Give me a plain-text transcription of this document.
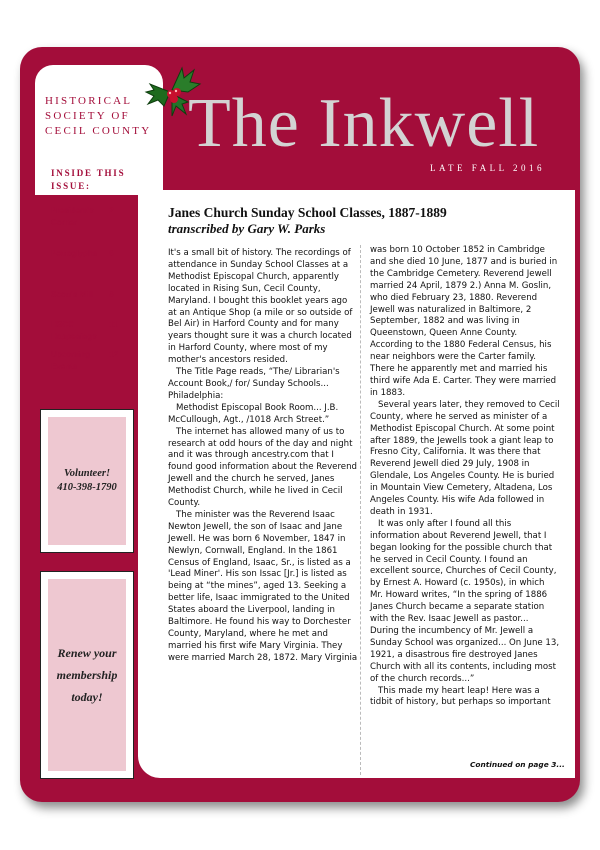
HISTORICAL SOCIETY OF CECIL COUNTY The Inkwell
LATE FALL 2016
INSIDE THIS ISSUE:
President's Corner 2
Petroglyphs 6
Scott's Mill 8
HSCC Happenings 11
Upcoming Events 12
Volunteer! 410-398-1790
Renew your membership today!
Janes Church Sunday School Classes, 1887-1889
transcribed by Gary W. Parks

It's a small bit of history. The recordings of attendance in Sunday School Classes at a Methodist Episcopal Church, apparently located in Rising Sun, Cecil County, Maryland. I bought this booklet years ago at an Antique Shop (a mile or so outside of Bel Air) in Harford County and for many years thought sure it was a church located in Harford County, where most of my mother's ancestors resided.

The Title Page reads, “The/ Librarian's Account Book,/ for/ Sunday Schools... Philadelphia:

Methodist Episcopal Book Room... J.B. McCullough, Agt., /1018 Arch Street.”

The internet has allowed many of us to research at odd hours of the day and night and it was through ancestry.com that I found good information about the Reverend Jewell and the church he served, Janes Methodist Church, while he lived in Cecil County.

The minister was the Reverend Isaac Newton Jewell, the son of Isaac and Jane Jewell. He was born 6 November, 1847 in Newlyn, Cornwall, England. In the 1861 Census of England, Isaac, Sr., is listed as a 'Lead Miner'. His son Issac [Jr.] is listed as being at “the mines”, aged 13. Seeking a better life, Isaac immigrated to the United States aboard the Liverpool, landing in Baltimore. He found his way to Dorchester County, Maryland, where he met and married his first wife Mary Virginia. They were married March 28, 1872. Mary Virginia

was born 10 October 1852 in Cambridge and she died 10 June, 1877 and is buried in the Cambridge Cemetery. Reverend Jewell married 24 April, 1879 2.) Anna M. Goslin, who died February 23, 1880. Reverend Jewell was naturalized in Baltimore, 2 September, 1882 and was living in Queenstown, Queen Anne County. According to the 1880 Federal Census, his near neighbors were the Carter family. There he apparently met and married his third wife Ada E. Carter. They were married in 1883.

Several years later, they removed to Cecil County, where he served as minister of a Methodist Episcopal Church. At some point after 1889, the Jewells took a giant leap to Fresno City, California. It was there that Reverend Jewell died 29 July, 1908 in Glendale, Los Angeles County. He is buried in Mountain View Cemetery, Altadena, Los Angeles County. His wife Ada followed in death in 1931.

It was only after I found all this information about Reverend Jewell, that I began looking for the possible church that he served in Cecil County. I found an excellent source, Churches of Cecil County, by Ernest A. Howard (c. 1950s), in which Mr. Howard writes, “In the spring of 1886 Janes Church became a separate station with the Rev. Isaac Jewell as pastor... During the incumbency of Mr. Jewell a Sunday School was organized... On June 13, 1921, a disastrous fire destroyed Janes Church with all its contents, including most of the church records...”

This made my heart leap! Here was a tidbit of history, but perhaps so important

Continued on page 3...
